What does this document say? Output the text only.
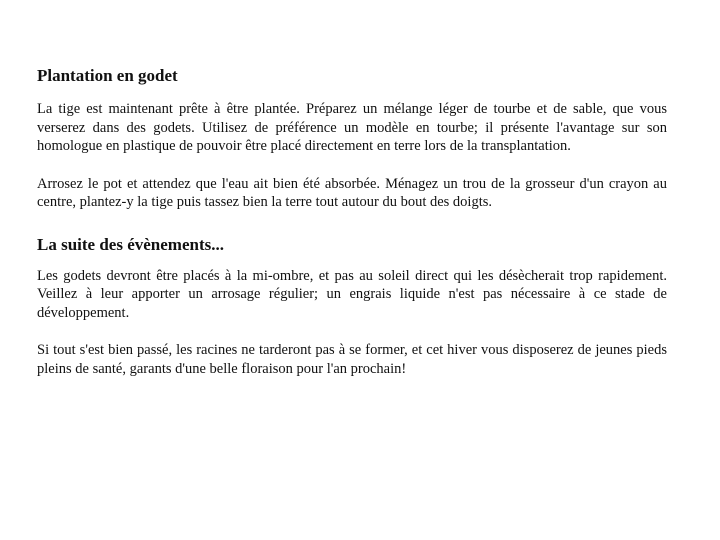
Plantation en godet

La tige est maintenant prête à être plantée. Préparez un mélange léger de tourbe et de sable, que vous verserez dans des godets. Utilisez de préférence un modèle en tourbe; il présente l'avantage sur son homologue en plastique de pouvoir être placé directement en terre lors de la transplantation.

Arrosez le pot et attendez que l'eau ait bien été absorbée. Ménagez un trou de la grosseur d'un crayon au centre, plantez-y la tige puis tassez bien la terre tout autour du bout des doigts.

La suite des évènements...

Les godets devront être placés à la mi-ombre, et pas au soleil direct qui les désècherait trop rapidement. Veillez à leur apporter un arrosage régulier; un engrais liquide n'est pas nécessaire à ce stade de développement.

Si tout s'est bien passé, les racines ne tarderont pas à se former, et cet hiver vous disposerez de jeunes pieds pleins de santé, garants d'une belle floraison pour l'an prochain!
